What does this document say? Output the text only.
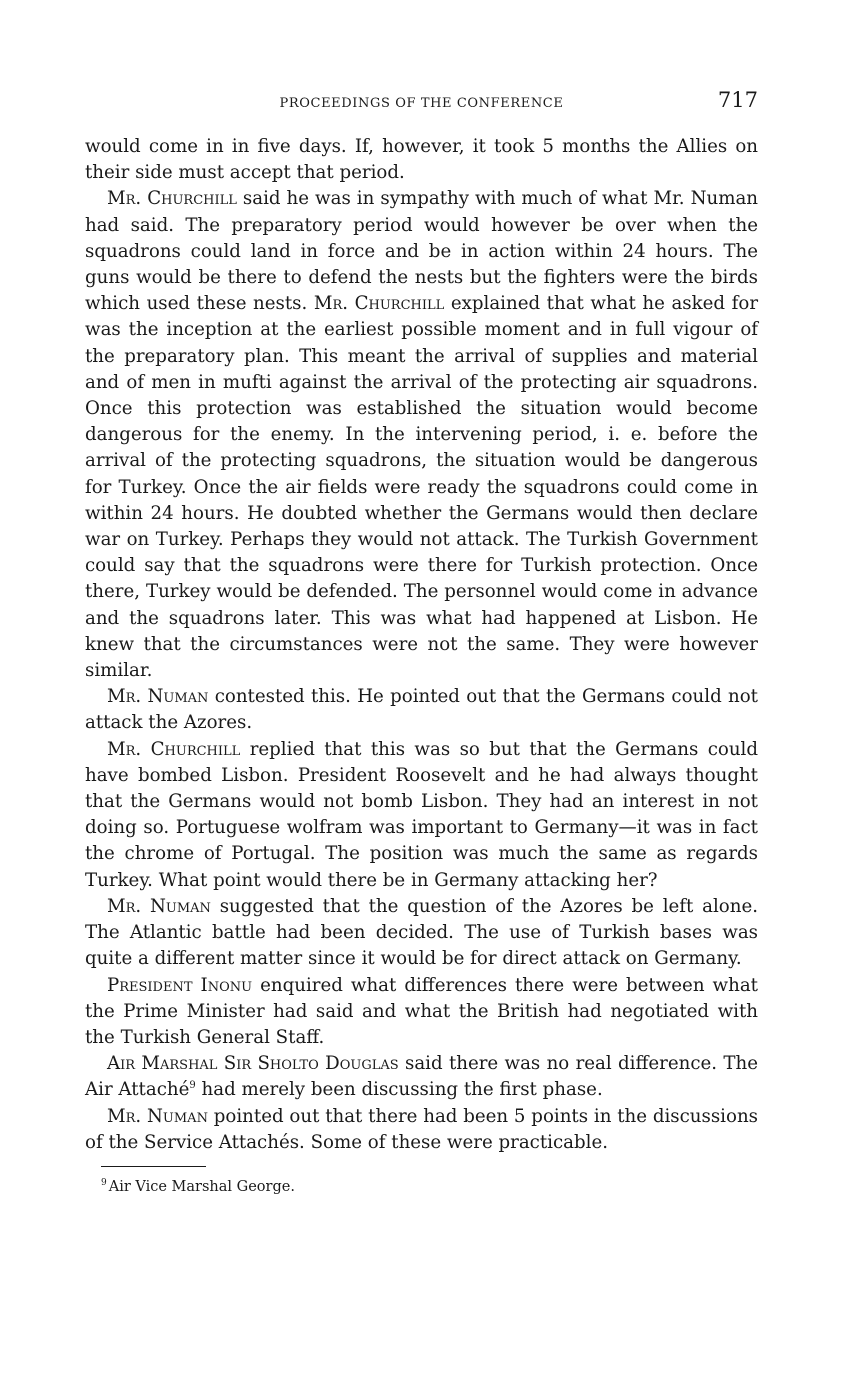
PROCEEDINGS OF THE CONFERENCE	717

would come in in five days. If, however, it took 5 months the Allies on their side must accept that period.

Mr. Churchill said he was in sympathy with much of what Mr. Numan had said. The preparatory period would however be over when the squadrons could land in force and be in action within 24 hours. The guns would be there to defend the nests but the fighters were the birds which used these nests. Mr. Churchill explained that what he asked for was the inception at the earliest possible moment and in full vigour of the preparatory plan. This meant the arrival of supplies and material and of men in mufti against the arrival of the protecting air squadrons. Once this protection was established the situation would become dangerous for the enemy. In the intervening period, i. e. before the arrival of the protecting squadrons, the situation would be dangerous for Turkey. Once the air fields were ready the squadrons could come in within 24 hours. He doubted whether the Germans would then declare war on Turkey. Perhaps they would not attack. The Turkish Government could say that the squadrons were there for Turkish protection. Once there, Turkey would be defended. The personnel would come in advance and the squadrons later. This was what had happened at Lisbon. He knew that the circumstances were not the same. They were however similar.

Mr. Numan contested this. He pointed out that the Germans could not attack the Azores.

Mr. Churchill replied that this was so but that the Germans could have bombed Lisbon. President Roosevelt and he had always thought that the Germans would not bomb Lisbon. They had an interest in not doing so. Portuguese wolfram was important to Germany—it was in fact the chrome of Portugal. The position was much the same as regards Turkey. What point would there be in Germany attacking her?

Mr. Numan suggested that the question of the Azores be left alone. The Atlantic battle had been decided. The use of Turkish bases was quite a different matter since it would be for direct attack on Germany.

President Inonu enquired what differences there were between what the Prime Minister had said and what the British had negotiated with the Turkish General Staff.

Air Marshal Sir Sholto Douglas said there was no real difference. The Air Attaché$^9$ had merely been discussing the first phase.

Mr. Numan pointed out that there had been 5 points in the discussions of the Service Attachés. Some of these were practicable.

$^9$ Air Vice Marshal George.
